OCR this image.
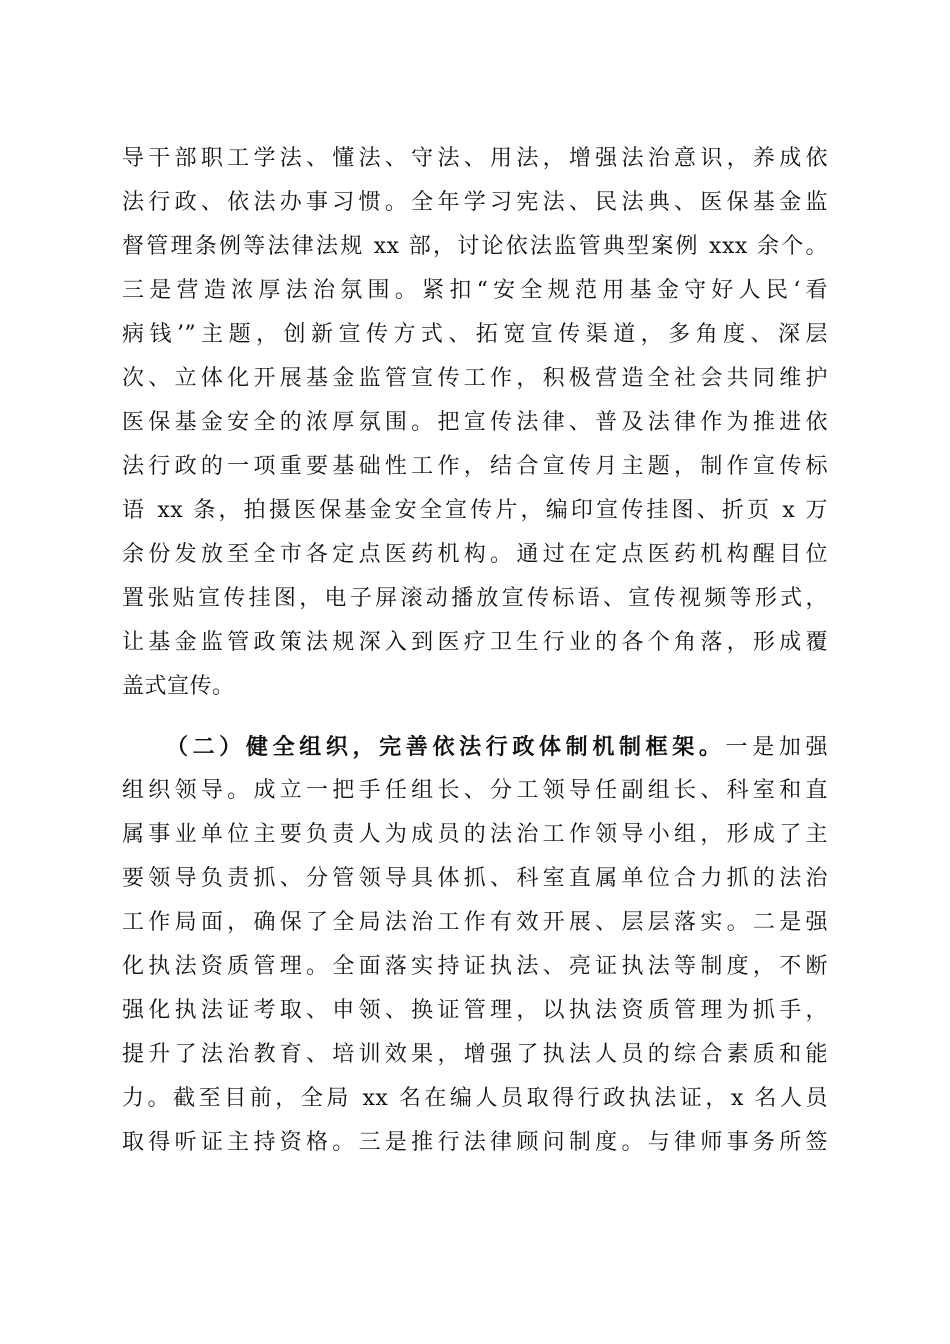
导干部职工学法、懂法、守法、用法，增强法治意识，养成依
法行政、依法办事习惯。全年学习宪法、民法典、医保基金监
督管理条例等法律法规 xx 部，讨论依法监管典型案例 xxx 余个。
三是营造浓厚法治氛围。紧扣“安全规范用基金守好人民‘看
病钱’”主题，创新宣传方式、拓宽宣传渠道，多角度、深层
次、立体化开展基金监管宣传工作，积极营造全社会共同维护
医保基金安全的浓厚氛围。把宣传法律、普及法律作为推进依
法行政的一项重要基础性工作，结合宣传月主题，制作宣传标
语 xx 条，拍摄医保基金安全宣传片，编印宣传挂图、折页 x 万
余份发放至全市各定点医药机构。通过在定点医药机构醒目位
置张贴宣传挂图，电子屏滚动播放宣传标语、宣传视频等形式，
让基金监管政策法规深入到医疗卫生行业的各个角落，形成覆
盖式宣传。
（二）健全组织，完善依法行政体制机制框架。一是加强
组织领导。成立一把手任组长、分工领导任副组长、科室和直
属事业单位主要负责人为成员的法治工作领导小组，形成了主
要领导负责抓、分管领导具体抓、科室直属单位合力抓的法治
工作局面，确保了全局法治工作有效开展、层层落实。二是强
化执法资质管理。全面落实持证执法、亮证执法等制度，不断
强化执法证考取、申领、换证管理，以执法资质管理为抓手，
提升了法治教育、培训效果，增强了执法人员的综合素质和能
力。截至目前，全局 xx 名在编人员取得行政执法证，x 名人员
取得听证主持资格。三是推行法律顾问制度。与律师事务所签
